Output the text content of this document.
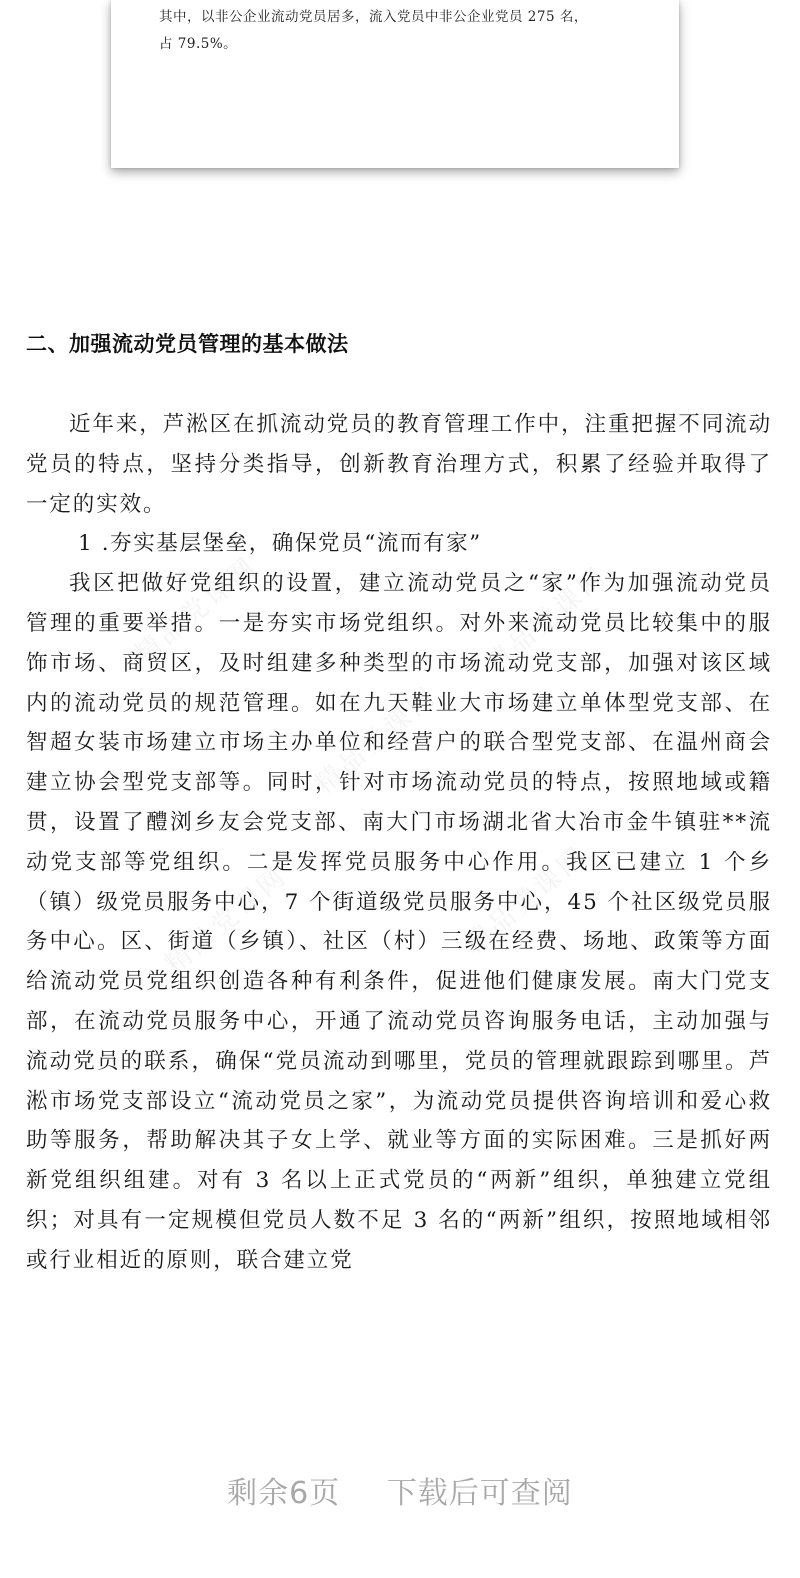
其中，以非公企业流动党员居多，流入党员中非公企业党员 275 名，
占 79.5%。
精品党课网	精品党课网
精品党课网
精品党课网	精品党课网
二、加强流动党员管理的基本做法

近年来，芦淞区在抓流动党员的教育管理工作中，注重把握不同流动党员的特点，坚持分类指导，创新教育治理方式，积累了经验并取得了一定的实效。

1 .夯实基层堡垒，确保党员“流而有家”

我区把做好党组织的设置，建立流动党员之“家”作为加强流动党员管理的重要举措。一是夯实市场党组织。对外来流动党员比较集中的服饰市场、商贸区，及时组建多种类型的市场流动党支部，加强对该区域内的流动党员的规范管理。如在九天鞋业大市场建立单体型党支部、在智超女装市场建立市场主办单位和经营户的联合型党支部、在温州商会建立协会型党支部等。同时，针对市场流动党员的特点，按照地域或籍贯，设置了醴浏乡友会党支部、南大门市场湖北省大冶市金牛镇驻**流动党支部等党组织。二是发挥党员服务中心作用。我区已建立 1 个乡（镇）级党员服务中心，7 个街道级党员服务中心，45 个社区级党员服务中心。区、街道（乡镇）、社区（村）三级在经费、场地、政策等方面给流动党员党组织创造各种有利条件，促进他们健康发展。南大门党支部，在流动党员服务中心，开通了流动党员咨询服务电话，主动加强与流动党员的联系，确保“党员流动到哪里，党员的管理就跟踪到哪里。芦淞市场党支部设立“流动党员之家”，为流动党员提供咨询培训和爱心救助等服务，帮助解决其子女上学、就业等方面的实际困难。三是抓好两新党组织组建。对有 3 名以上正式党员的“两新”组织，单独建立党组织；对具有一定规模但党员人数不足 3 名的“两新”组织，按照地域相邻或行业相近的原则，联合建立党

剩余6页 下载后可查阅
